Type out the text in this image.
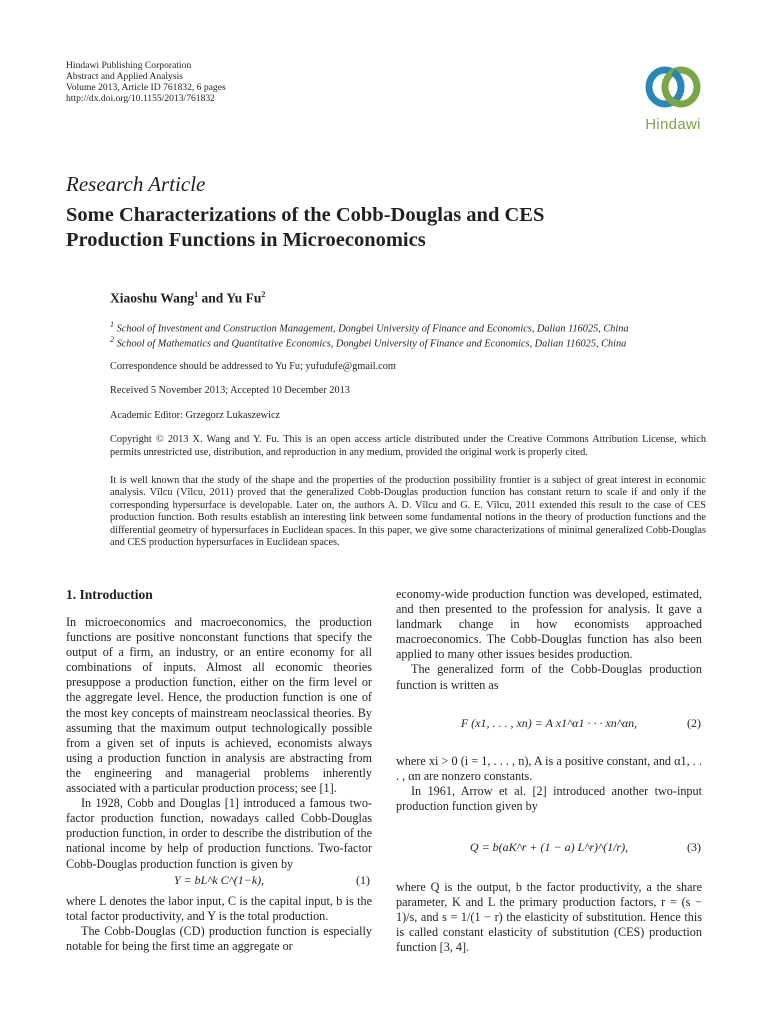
Hindawi Publishing Corporation
Abstract and Applied Analysis
Volume 2013, Article ID 761832, 6 pages
http://dx.doi.org/10.1155/2013/761832
Hindawi
Research Article
Some Characterizations of the Cobb-Douglas and CES
Production Functions in Microeconomics
Xiaoshu Wang$^1$ and Yu Fu$^2$
$^1$ School of Investment and Construction Management, Dongbei University of Finance and Economics, Dalian 116025, China
$^2$ School of Mathematics and Quantitative Economics, Dongbei University of Finance and Economics, Dalian 116025, China
Correspondence should be addressed to Yu Fu; yufudufe@gmail.com
Received 5 November 2013; Accepted 10 December 2013
Academic Editor: Grzegorz Lukaszewicz
Copyright © 2013 X. Wang and Y. Fu. This is an open access article distributed under the Creative Commons Attribution License, which permits unrestricted use, distribution, and reproduction in any medium, provided the original work is properly cited.
It is well known that the study of the shape and the properties of the production possibility frontier is a subject of great interest in economic analysis. Vîlcu (Vîlcu, 2011) proved that the generalized Cobb-Douglas production function has constant return to scale if and only if the corresponding hypersurface is developable. Later on, the authors A. D. Vîlcu and G. E. Vîlcu, 2011 extended this result to the case of CES production function. Both results establish an interesting link between some fundamental notions in the theory of production functions and the differential geometry of hypersurfaces in Euclidean spaces. In this paper, we give some characterizations of minimal generalized Cobb-Douglas and CES production hypersurfaces in Euclidean spaces.
1. Introduction

In microeconomics and macroeconomics, the production functions are positive nonconstant functions that specify the output of a firm, an industry, or an entire economy for all combinations of inputs. Almost all economic theories presuppose a production function, either on the firm level or the aggregate level. Hence, the production function is one of the most key concepts of mainstream neoclassical theories. By assuming that the maximum output technologically possible from a given set of inputs is achieved, economists always using a production function in analysis are abstracting from the engineering and managerial problems inherently associated with a particular production process; see [1].

In 1928, Cobb and Douglas [1] introduced a famous two-factor production function, nowadays called Cobb-Douglas production function, in order to describe the distribution of the national income by help of production functions. Two-factor Cobb-Douglas production function is given by

Y = bL^k C^(1−k),	(1)

where L denotes the labor input, C is the capital input, b is the total factor productivity, and Y is the total production.

The Cobb-Douglas (CD) production function is especially notable for being the first time an aggregate or

economy-wide production function was developed, estimated, and then presented to the profession for analysis. It gave a landmark change in how economists approached macroeconomics. The Cobb-Douglas function has also been applied to many other issues besides production.

The generalized form of the Cobb-Douglas production function is written as

F (x1, . . . , xn) = A x1^α1 · · · xn^αn,	(2)

where xi > 0 (i = 1, . . . , n), A is a positive constant, and α1, . . . , αn are nonzero constants.

In 1961, Arrow et al. [2] introduced another two-input production function given by

Q = b(aK^r + (1 − a) L^r)^(1/r),	(3)

where Q is the output, b the factor productivity, a the share parameter, K and L the primary production factors, r = (s − 1)/s, and s = 1/(1 − r) the elasticity of substitution. Hence this is called constant elasticity of substitution (CES) production function [3, 4].
